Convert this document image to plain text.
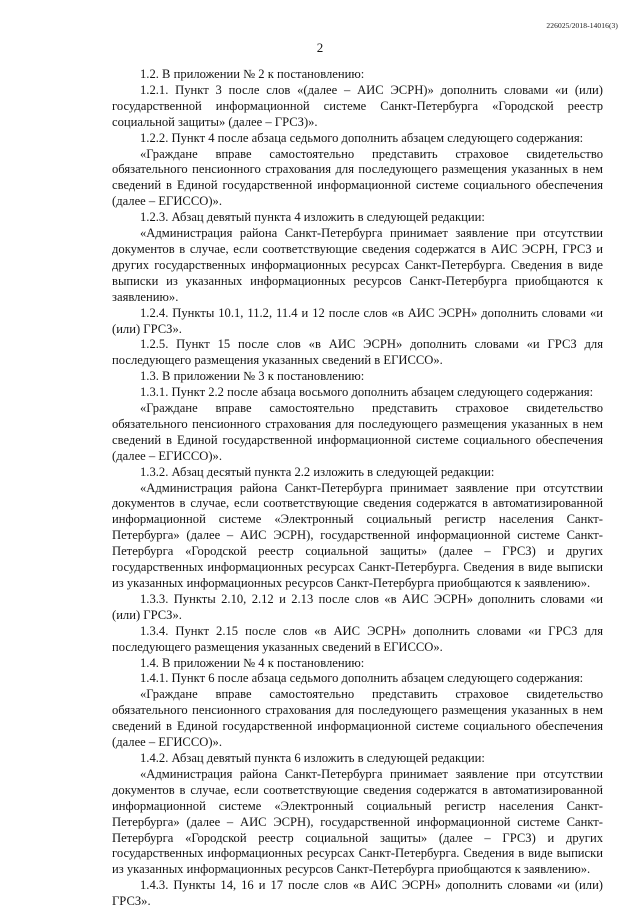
226025/2018-14016(3)
2

1.2. В приложении № 2 к постановлению:

1.2.1. Пункт 3 после слов «(далее – АИС ЭСРН)» дополнить словами «и (или) государственной информационной системе Санкт-Петербурга «Городской реестр социальной защиты» (далее – ГРСЗ)».

1.2.2. Пункт 4 после абзаца седьмого дополнить абзацем следующего содержания:

«Граждане вправе самостоятельно представить страховое свидетельство обязательного пенсионного страхования для последующего размещения указанных в нем сведений в Единой государственной информационной системе социального обеспечения (далее – ЕГИССО)».

1.2.3. Абзац девятый пункта 4 изложить в следующей редакции:

«Администрация района Санкт-Петербурга принимает заявление при отсутствии документов в случае, если соответствующие сведения содержатся в АИС ЭСРН, ГРСЗ и других государственных информационных ресурсах Санкт-Петербурга. Сведения в виде выписки из указанных информационных ресурсов Санкт-Петербурга приобщаются к заявлению».

1.2.4. Пункты 10.1, 11.2, 11.4 и 12 после слов «в АИС ЭСРН» дополнить словами «и (или) ГРСЗ».

1.2.5. Пункт 15 после слов «в АИС ЭСРН» дополнить словами «и ГРСЗ для последующего размещения указанных сведений в ЕГИССО».

1.3. В приложении № 3 к постановлению:

1.3.1. Пункт 2.2 после абзаца восьмого дополнить абзацем следующего содержания:

«Граждане вправе самостоятельно представить страховое свидетельство обязательного пенсионного страхования для последующего размещения указанных в нем сведений в Единой государственной информационной системе социального обеспечения (далее – ЕГИССО)».

1.3.2. Абзац десятый пункта 2.2 изложить в следующей редакции:

«Администрация района Санкт-Петербурга принимает заявление при отсутствии документов в случае, если соответствующие сведения содержатся в автоматизированной информационной системе «Электронный социальный регистр населения Санкт-Петербурга» (далее – АИС ЭСРН), государственной информационной системе Санкт-Петербурга «Городской реестр социальной защиты» (далее – ГРСЗ) и других государственных информационных ресурсах Санкт-Петербурга. Сведения в виде выписки из указанных информационных ресурсов Санкт-Петербурга приобщаются к заявлению».

1.3.3. Пункты 2.10, 2.12 и 2.13 после слов «в АИС ЭСРН» дополнить словами «и (или) ГРСЗ».

1.3.4. Пункт 2.15 после слов «в АИС ЭСРН» дополнить словами «и ГРСЗ для последующего размещения указанных сведений в ЕГИССО».

1.4. В приложении № 4 к постановлению:

1.4.1. Пункт 6 после абзаца седьмого дополнить абзацем следующего содержания:

«Граждане вправе самостоятельно представить страховое свидетельство обязательного пенсионного страхования для последующего размещения указанных в нем сведений в Единой государственной информационной системе социального обеспечения (далее – ЕГИССО)».

1.4.2. Абзац девятый пункта 6 изложить в следующей редакции:

«Администрация района Санкт-Петербурга принимает заявление при отсутствии документов в случае, если соответствующие сведения содержатся в автоматизированной информационной системе «Электронный социальный регистр населения Санкт-Петербурга» (далее – АИС ЭСРН), государственной информационной системе Санкт-Петербурга «Городской реестр социальной защиты» (далее – ГРСЗ) и других государственных информационных ресурсах Санкт-Петербурга. Сведения в виде выписки из указанных информационных ресурсов Санкт-Петербурга приобщаются к заявлению».

1.4.3. Пункты 14, 16 и 17 после слов «в АИС ЭСРН» дополнить словами «и (или) ГРСЗ».
